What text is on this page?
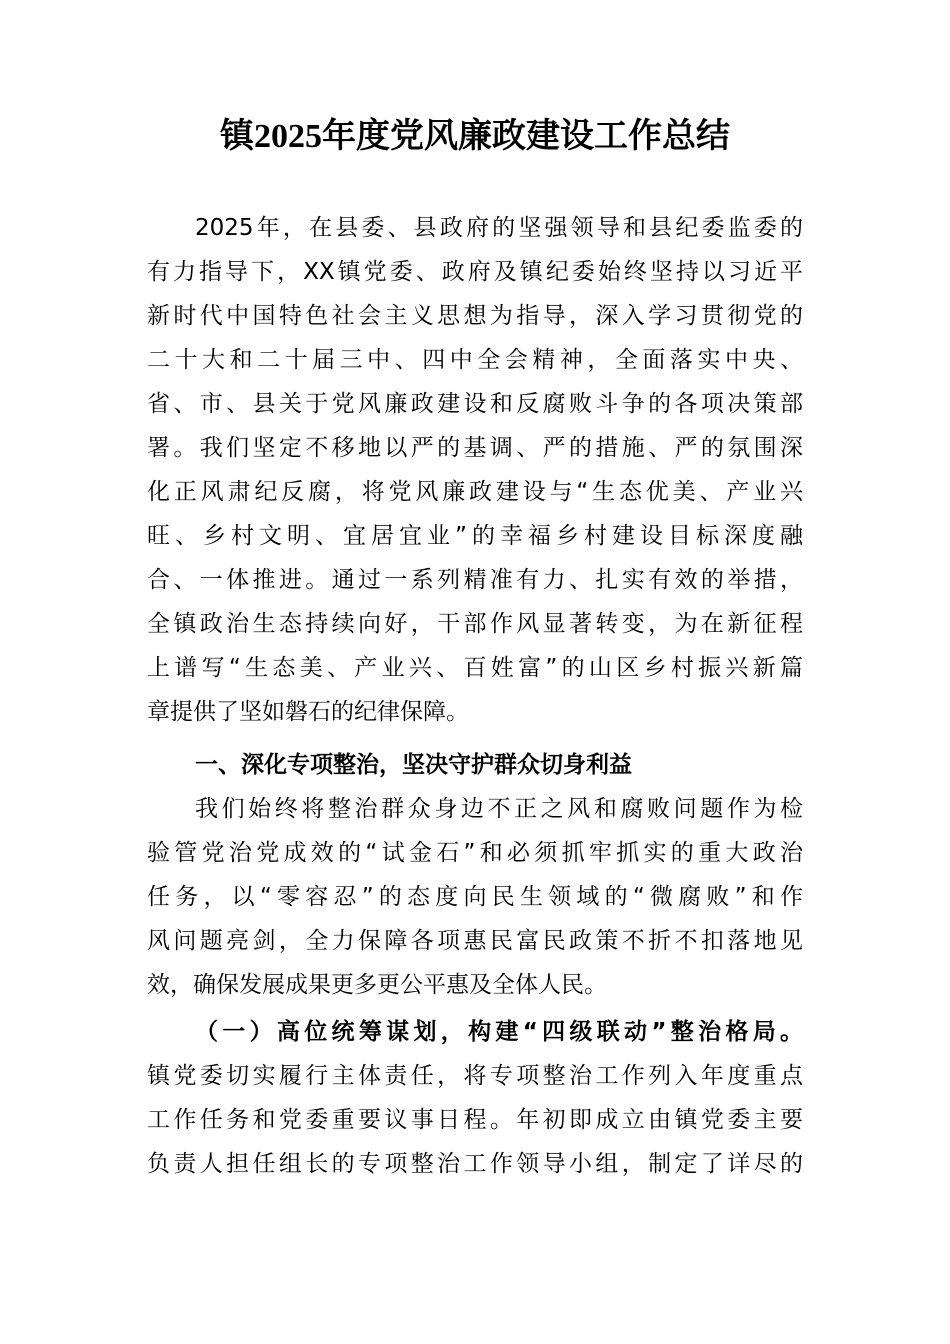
镇2025年度党风廉政建设工作总结
2025年，在县委、县政府的坚强领导和县纪委监委的
有力指导下，XX镇党委、政府及镇纪委始终坚持以习近平
新时代中国特色社会主义思想为指导，深入学习贯彻党的
二十大和二十届三中、四中全会精神，全面落实中央、
省、市、县关于党风廉政建设和反腐败斗争的各项决策部
署。我们坚定不移地以严的基调、严的措施、严的氛围深
化正风肃纪反腐，将党风廉政建设与“生态优美、产业兴
旺、乡村文明、宜居宜业”的幸福乡村建设目标深度融
合、一体推进。通过一系列精准有力、扎实有效的举措，
全镇政治生态持续向好，干部作风显著转变，为在新征程
上谱写“生态美、产业兴、百姓富”的山区乡村振兴新篇
章提供了坚如磐石的纪律保障。
一、深化专项整治，坚决守护群众切身利益
我们始终将整治群众身边不正之风和腐败问题作为检
验管党治党成效的“试金石”和必须抓牢抓实的重大政治
任务，以“零容忍”的态度向民生领域的“微腐败”和作
风问题亮剑，全力保障各项惠民富民政策不折不扣落地见
效，确保发展成果更多更公平惠及全体人民。
（一）高位统筹谋划，构建“四级联动”整治格局。
镇党委切实履行主体责任，将专项整治工作列入年度重点
工作任务和党委重要议事日程。年初即成立由镇党委主要
负责人担任组长的专项整治工作领导小组，制定了详尽的
